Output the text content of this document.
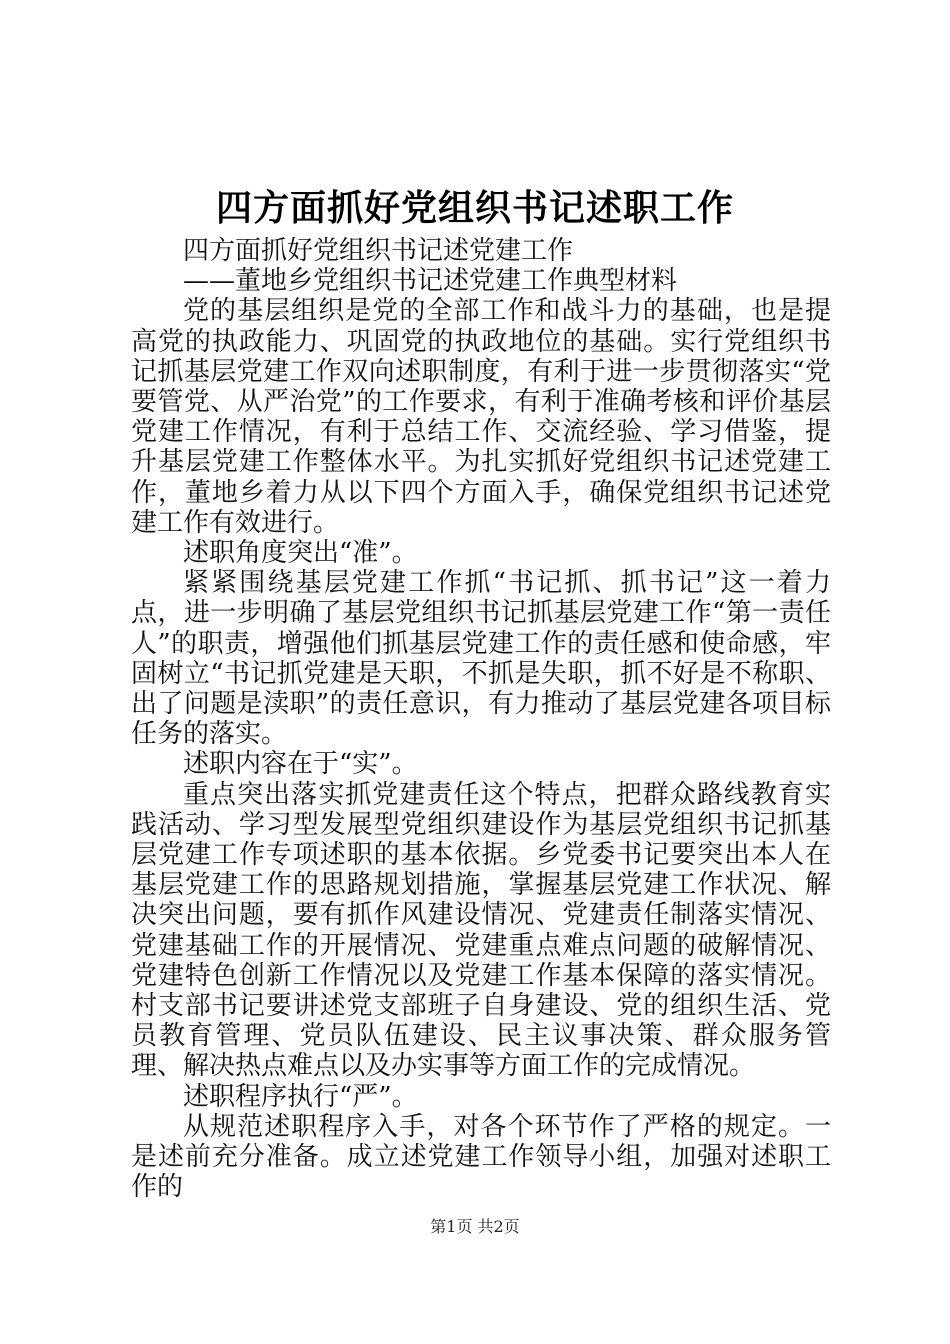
四方面抓好党组织书记述职工作

四方面抓好党组织书记述党建工作

——董地乡党组织书记述党建工作典型材料

党的基层组织是党的全部工作和战斗力的基础，也是提高党的执政能力、巩固党的执政地位的基础。实行党组织书记抓基层党建工作双向述职制度，有利于进一步贯彻落实“党要管党、从严治党”的工作要求，有利于准确考核和评价基层党建工作情况，有利于总结工作、交流经验、学习借鉴，提升基层党建工作整体水平。为扎实抓好党组织书记述党建工作，董地乡着力从以下四个方面入手，确保党组织书记述党建工作有效进行。

述职角度突出“准”。

紧紧围绕基层党建工作抓“书记抓、抓书记”这一着力点，进一步明确了基层党组织书记抓基层党建工作“第一责任人”的职责，增强他们抓基层党建工作的责任感和使命感，牢固树立“书记抓党建是天职，不抓是失职，抓不好是不称职、出了问题是渎职”的责任意识，有力推动了基层党建各项目标任务的落实。

述职内容在于“实”。

重点突出落实抓党建责任这个特点，把群众路线教育实践活动、学习型发展型党组织建设作为基层党组织书记抓基层党建工作专项述职的基本依据。乡党委书记要突出本人在基层党建工作的思路规划措施，掌握基层党建工作状况、解决突出问题，要有抓作风建设情况、党建责任制落实情况、党建基础工作的开展情况、党建重点难点问题的破解情况、党建特色创新工作情况以及党建工作基本保障的落实情况。村支部书记要讲述党支部班子自身建设、党的组织生活、党员教育管理、党员队伍建设、民主议事决策、群众服务管理、解决热点难点以及办实事等方面工作的完成情况。

述职程序执行“严”。

从规范述职程序入手，对各个环节作了严格的规定。一是述前充分准备。成立述党建工作领导小组，加强对述职工作的

第1页 共2页
